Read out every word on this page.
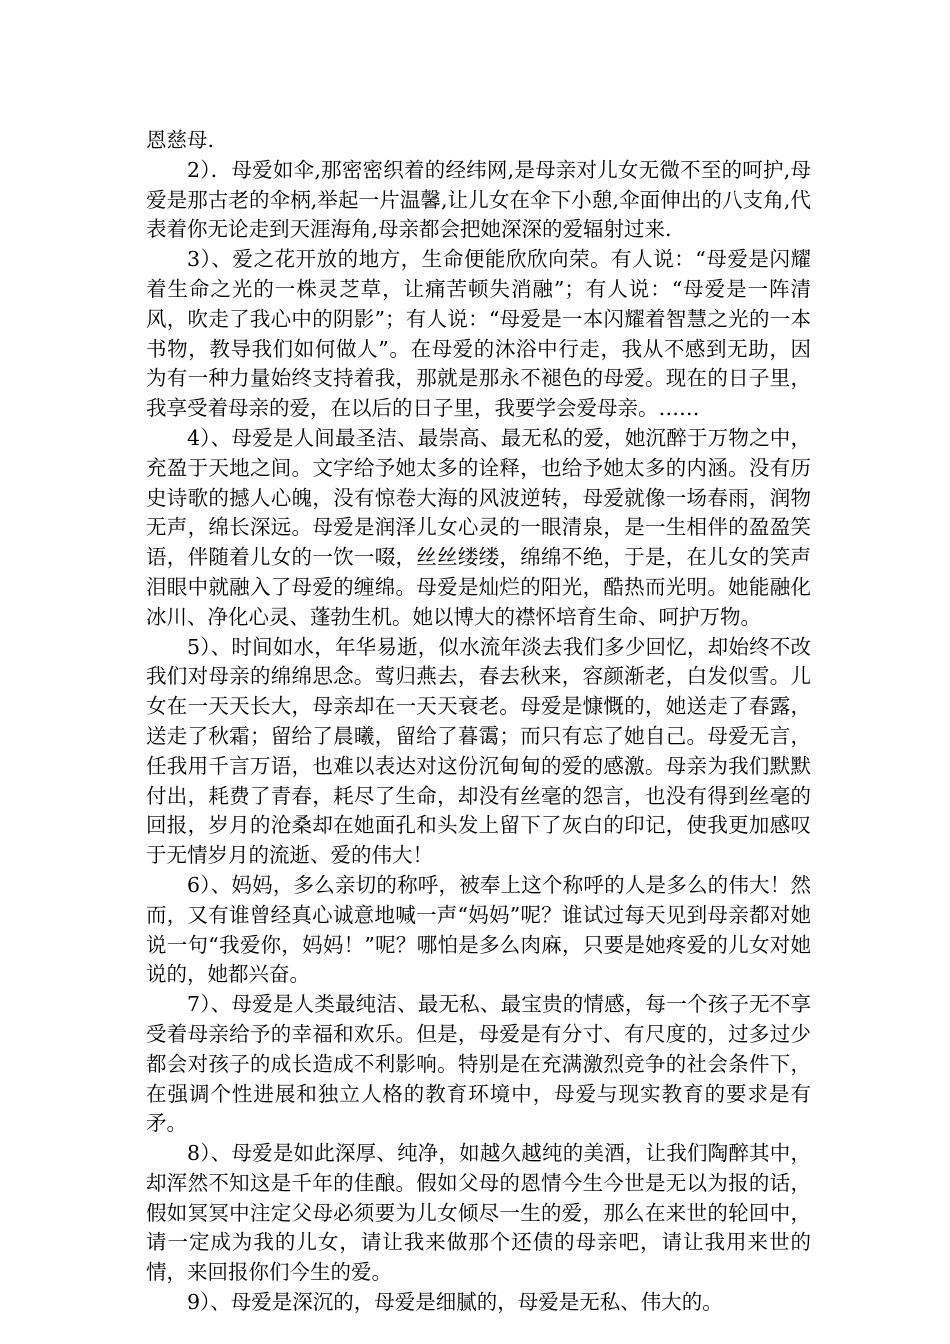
恩慈母.

2）．母爱如伞,那密密织着的经纬网,是母亲对儿女无微不至的呵护,母爱是那古老的伞柄,举起一片温馨,让儿女在伞下小憩,伞面伸出的八支角,代表着你无论走到天涯海角,母亲都会把她深深的爱辐射过来.

3）、爱之花开放的地方，生命便能欣欣向荣。有人说：“母爱是闪耀着生命之光的一株灵芝草，让痛苦顿失消融”；有人说：“母爱是一阵清风，吹走了我心中的阴影”；有人说：“母爱是一本闪耀着智慧之光的一本书物，教导我们如何做人”。在母爱的沐浴中行走，我从不感到无助，因为有一种力量始终支持着我，那就是那永不褪色的母爱。现在的日子里，我享受着母亲的爱，在以后的日子里，我要学会爱母亲。……

4）、母爱是人间最圣洁、最崇高、最无私的爱，她沉醉于万物之中，充盈于天地之间。文字给予她太多的诠释，也给予她太多的内涵。没有历史诗歌的撼人心魄，没有惊卷大海的风波逆转，母爱就像一场春雨，润物无声，绵长深远。母爱是润泽儿女心灵的一眼清泉，是一生相伴的盈盈笑语，伴随着儿女的一饮一啜，丝丝缕缕，绵绵不绝，于是，在儿女的笑声泪眼中就融入了母爱的缠绵。母爱是灿烂的阳光，酷热而光明。她能融化冰川、净化心灵、蓬勃生机。她以博大的襟怀培育生命、呵护万物。

5）、时间如水，年华易逝，似水流年淡去我们多少回忆，却始终不改我们对母亲的绵绵思念。莺归燕去，春去秋来，容颜渐老，白发似雪。儿女在一天天长大，母亲却在一天天衰老。母爱是慷慨的，她送走了春露，送走了秋霜；留给了晨曦，留给了暮霭；而只有忘了她自己。母爱无言，任我用千言万语，也难以表达对这份沉甸甸的爱的感激。母亲为我们默默付出，耗费了青春，耗尽了生命，却没有丝毫的怨言，也没有得到丝毫的回报，岁月的沧桑却在她面孔和头发上留下了灰白的印记，使我更加感叹于无情岁月的流逝、爱的伟大！

6）、妈妈，多么亲切的称呼，被奉上这个称呼的人是多么的伟大！然而，又有谁曾经真心诚意地喊一声“妈妈”呢？谁试过每天见到母亲都对她说一句“我爱你，妈妈！”呢？哪怕是多么肉麻，只要是她疼爱的儿女对她说的，她都兴奋。

7）、母爱是人类最纯洁、最无私、最宝贵的情感，每一个孩子无不享受着母亲给予的幸福和欢乐。但是，母爱是有分寸、有尺度的，过多过少都会对孩子的成长造成不利影响。特别是在充满激烈竞争的社会条件下，在强调个性进展和独立人格的教育环境中，母爱与现实教育的要求是有矛。

8）、母爱是如此深厚、纯净，如越久越纯的美酒，让我们陶醉其中，却浑然不知这是千年的佳酿。假如父母的恩情今生今世是无以为报的话，假如冥冥中注定父母必须要为儿女倾尽一生的爱，那么在来世的轮回中，请一定成为我的儿女，请让我来做那个还债的母亲吧，请让我用来世的情，来回报你们今生的爱。

9）、母爱是深沉的，母爱是细腻的，母爱是无私、伟大的。
